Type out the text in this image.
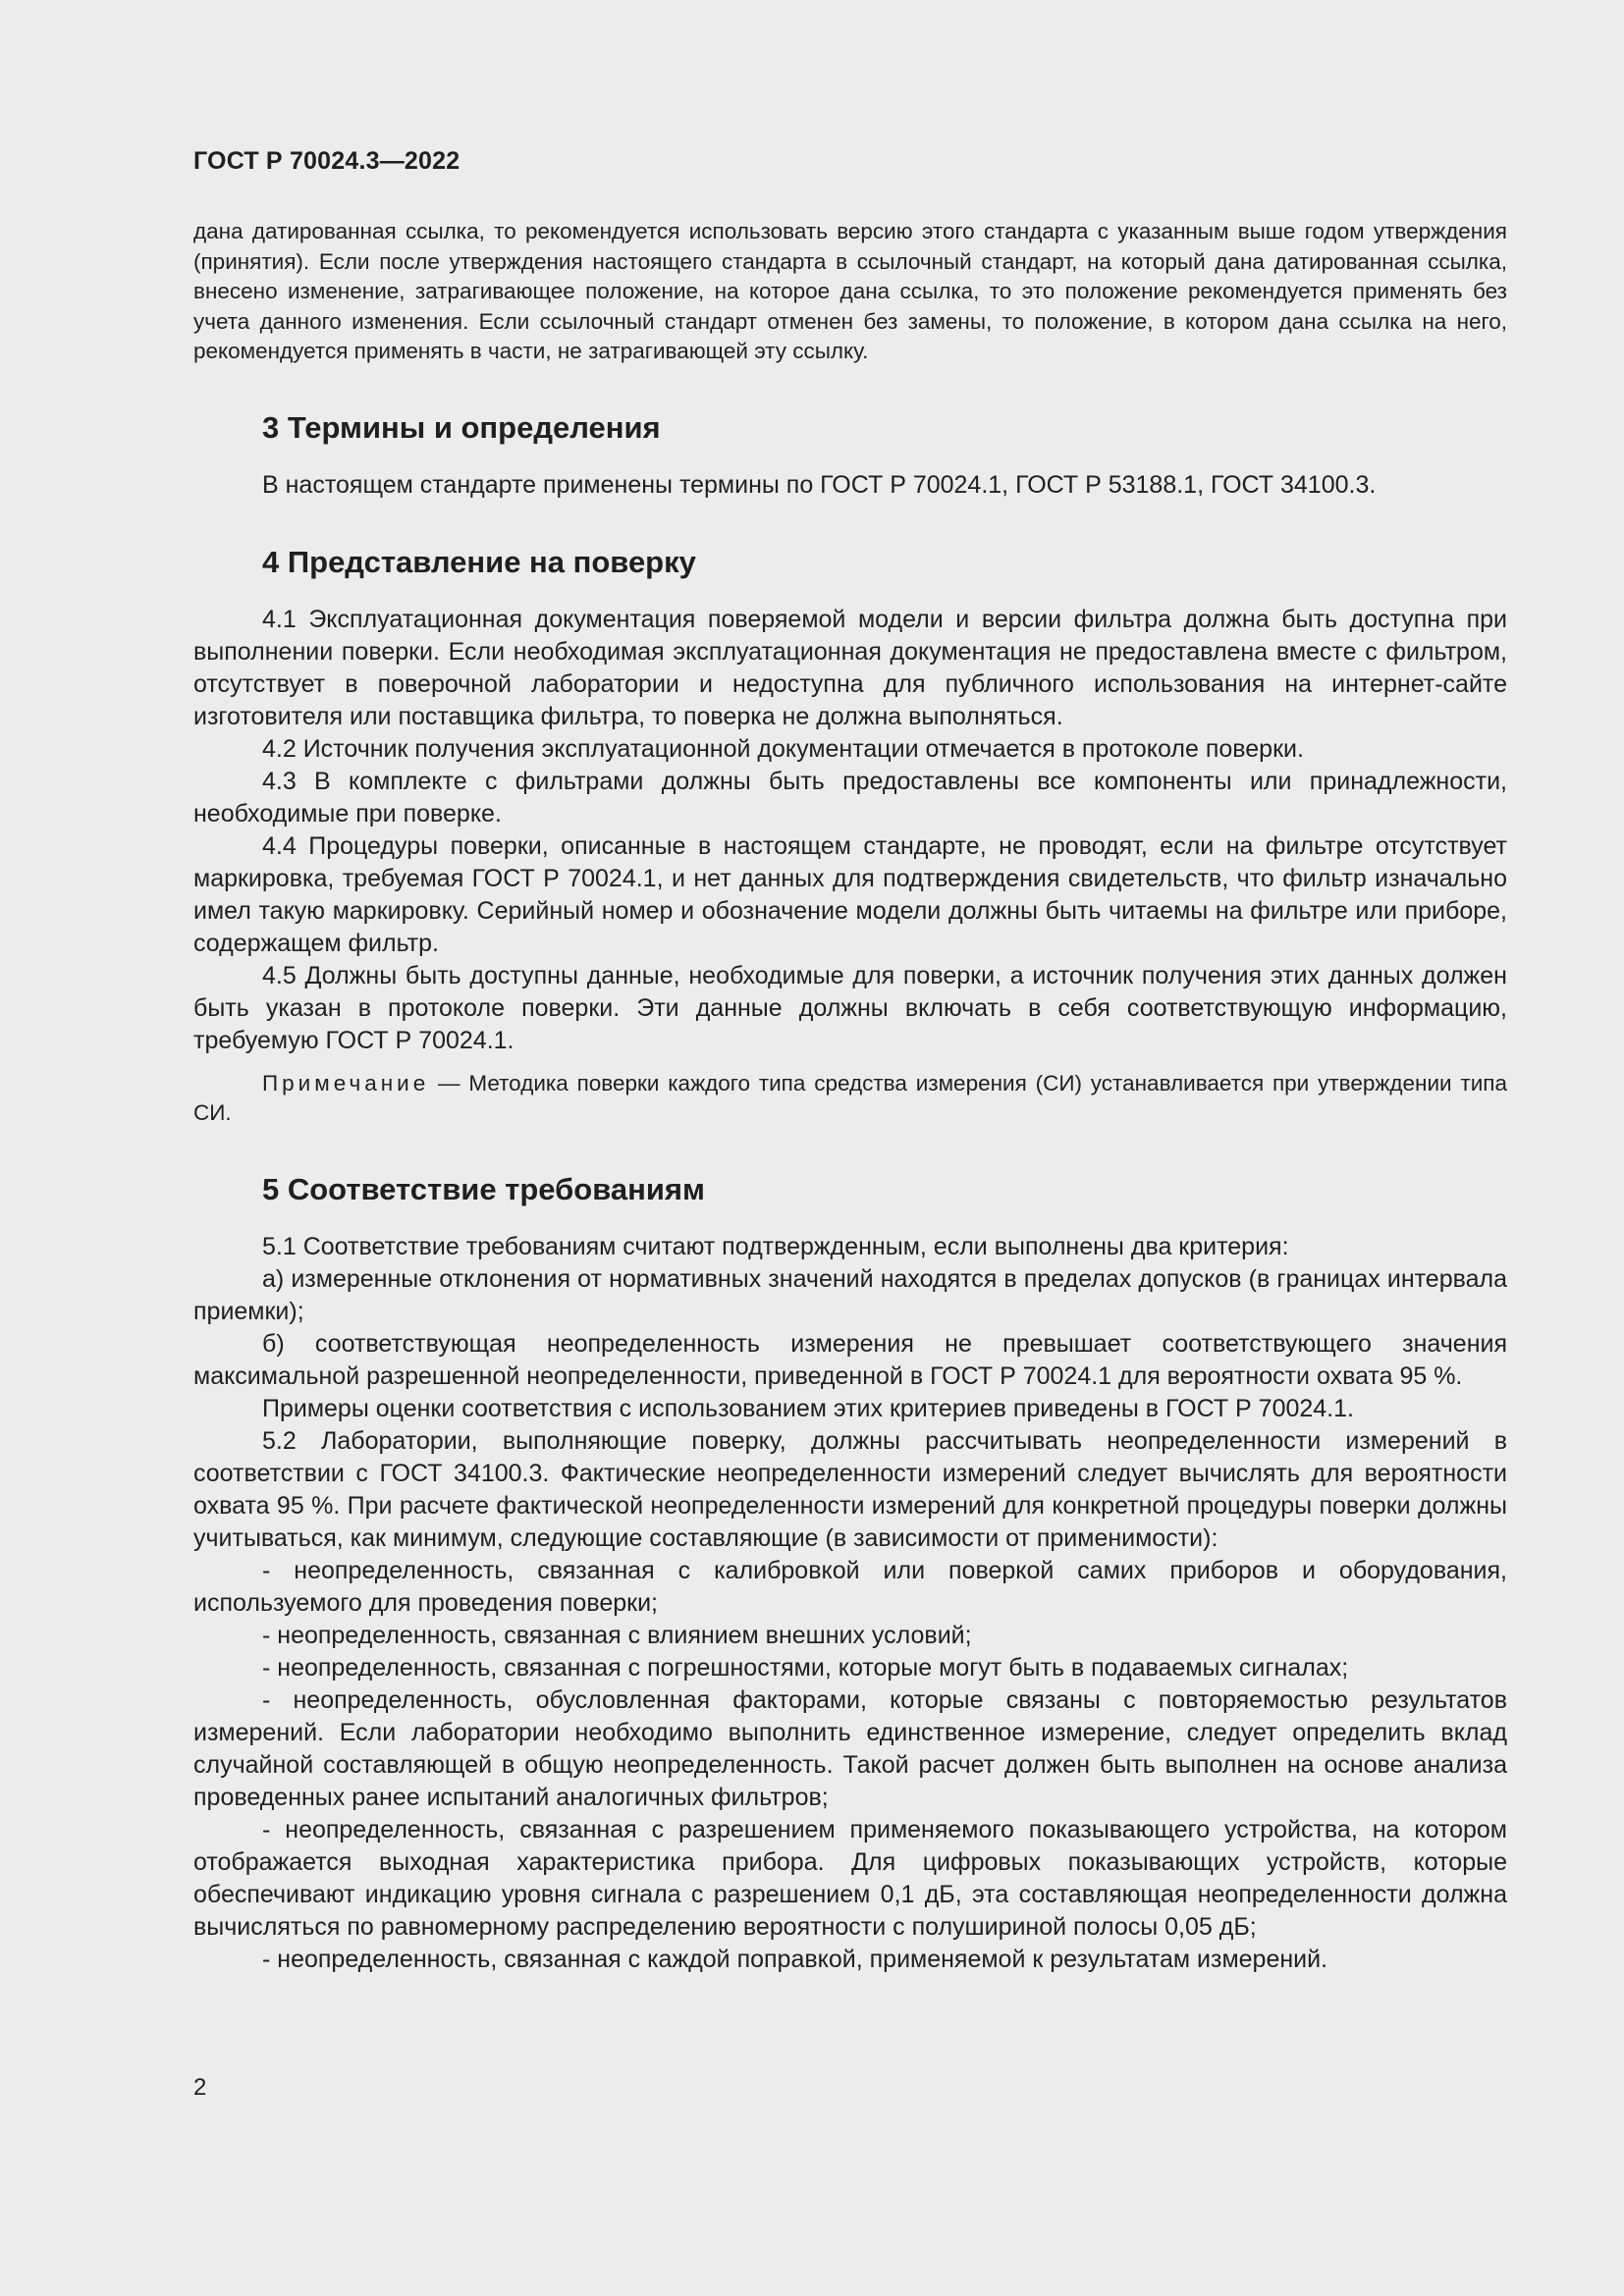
ГОСТ Р 70024.3—2022

дана датированная ссылка, то рекомендуется использовать версию этого стандарта с указанным выше годом утверждения (принятия). Если после утверждения настоящего стандарта в ссылочный стандарт, на который дана датированная ссылка, внесено изменение, затрагивающее положение, на которое дана ссылка, то это положение рекомендуется применять без учета данного изменения. Если ссылочный стандарт отменен без замены, то положение, в котором дана ссылка на него, рекомендуется применять в части, не затрагивающей эту ссылку.

3 Термины и определения

В настоящем стандарте применены термины по ГОСТ Р 70024.1, ГОСТ Р 53188.1, ГОСТ 34100.3.

4 Представление на поверку

4.1 Эксплуатационная документация поверяемой модели и версии фильтра должна быть доступна при выполнении поверки. Если необходимая эксплуатационная документация не предоставлена вместе с фильтром, отсутствует в поверочной лаборатории и недоступна для публичного использования на интернет-сайте изготовителя или поставщика фильтра, то поверка не должна выполняться.

4.2 Источник получения эксплуатационной документации отмечается в протоколе поверки.

4.3 В комплекте с фильтрами должны быть предоставлены все компоненты или принадлежности, необходимые при поверке.

4.4 Процедуры поверки, описанные в настоящем стандарте, не проводят, если на фильтре отсутствует маркировка, требуемая ГОСТ Р 70024.1, и нет данных для подтверждения свидетельств, что фильтр изначально имел такую маркировку. Серийный номер и обозначение модели должны быть читаемы на фильтре или приборе, содержащем фильтр.

4.5 Должны быть доступны данные, необходимые для поверки, а источник получения этих данных должен быть указан в протоколе поверки. Эти данные должны включать в себя соответствующую информацию, требуемую ГОСТ Р 70024.1.

Примечание — Методика поверки каждого типа средства измерения (СИ) устанавливается при утверждении типа СИ.

5 Соответствие требованиям

5.1 Соответствие требованиям считают подтвержденным, если выполнены два критерия:

а) измеренные отклонения от нормативных значений находятся в пределах допусков (в границах интервала приемки);

б) соответствующая неопределенность измерения не превышает соответствующего значения максимальной разрешенной неопределенности, приведенной в ГОСТ Р 70024.1 для вероятности охвата 95 %.

Примеры оценки соответствия с использованием этих критериев приведены в ГОСТ Р 70024.1.

5.2 Лаборатории, выполняющие поверку, должны рассчитывать неопределенности измерений в соответствии с ГОСТ 34100.3. Фактические неопределенности измерений следует вычислять для вероятности охвата 95 %. При расчете фактической неопределенности измерений для конкретной процедуры поверки должны учитываться, как минимум, следующие составляющие (в зависимости от применимости):

- неопределенность, связанная с калибровкой или поверкой самих приборов и оборудования, используемого для проведения поверки;

- неопределенность, связанная с влиянием внешних условий;

- неопределенность, связанная с погрешностями, которые могут быть в подаваемых сигналах;

- неопределенность, обусловленная факторами, которые связаны с повторяемостью результатов измерений. Если лаборатории необходимо выполнить единственное измерение, следует определить вклад случайной составляющей в общую неопределенность. Такой расчет должен быть выполнен на основе анализа проведенных ранее испытаний аналогичных фильтров;

- неопределенность, связанная с разрешением применяемого показывающего устройства, на котором отображается выходная характеристика прибора. Для цифровых показывающих устройств, которые обеспечивают индикацию уровня сигнала с разрешением 0,1 дБ, эта составляющая неопределенности должна вычисляться по равномерному распределению вероятности с полушириной полосы 0,05 дБ;

- неопределенность, связанная с каждой поправкой, применяемой к результатам измерений.

2
